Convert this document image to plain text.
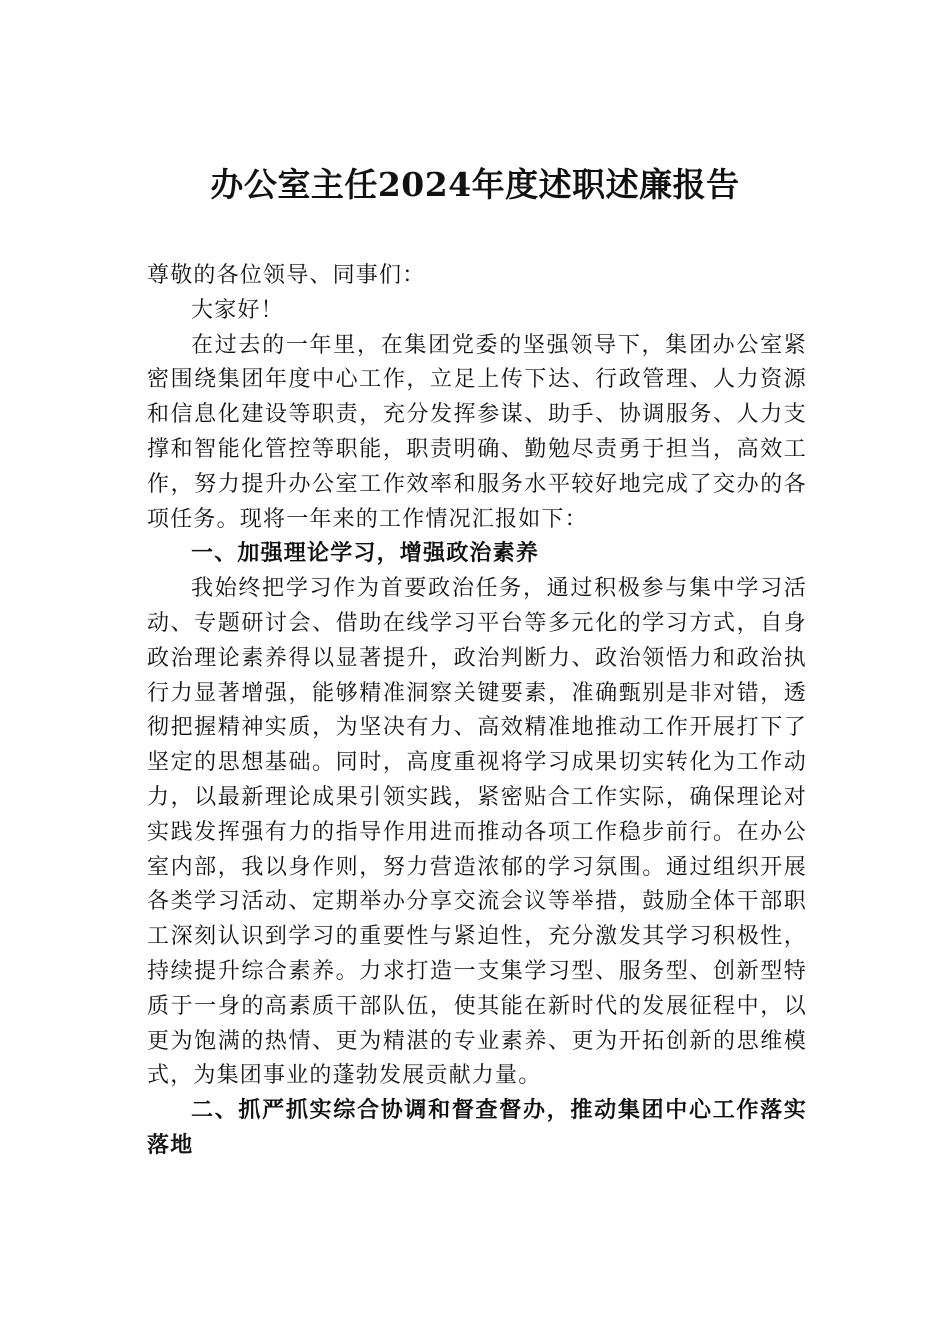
办公室主任2024年度述职述廉报告

尊敬的各位领导、同事们：

大家好！

在过去的一年里，在集团党委的坚强领导下，集团办公室紧密围绕集团年度中心工作，立足上传下达、行政管理、人力资源和信息化建设等职责，充分发挥参谋、助手、协调服务、人力支撑和智能化管控等职能，职责明确、勤勉尽责勇于担当，高效工作，努力提升办公室工作效率和服务水平较好地完成了交办的各项任务。现将一年来的工作情况汇报如下：

一、加强理论学习，增强政治素养

我始终把学习作为首要政治任务，通过积极参与集中学习活动、专题研讨会、借助在线学习平台等多元化的学习方式，自身政治理论素养得以显著提升，政治判断力、政治领悟力和政治执行力显著增强，能够精准洞察关键要素，准确甄别是非对错，透彻把握精神实质，为坚决有力、高效精准地推动工作开展打下了坚定的思想基础。同时，高度重视将学习成果切实转化为工作动力，以最新理论成果引领实践，紧密贴合工作实际，确保理论对实践发挥强有力的指导作用进而推动各项工作稳步前行。在办公室内部，我以身作则，努力营造浓郁的学习氛围。通过组织开展各类学习活动、定期举办分享交流会议等举措，鼓励全体干部职工深刻认识到学习的重要性与紧迫性，充分激发其学习积极性，持续提升综合素养。力求打造一支集学习型、服务型、创新型特质于一身的高素质干部队伍，使其能在新时代的发展征程中，以更为饱满的热情、更为精湛的专业素养、更为开拓创新的思维模式，为集团事业的蓬勃发展贡献力量。

二、抓严抓实综合协调和督查督办，推动集团中心工作落实落地
